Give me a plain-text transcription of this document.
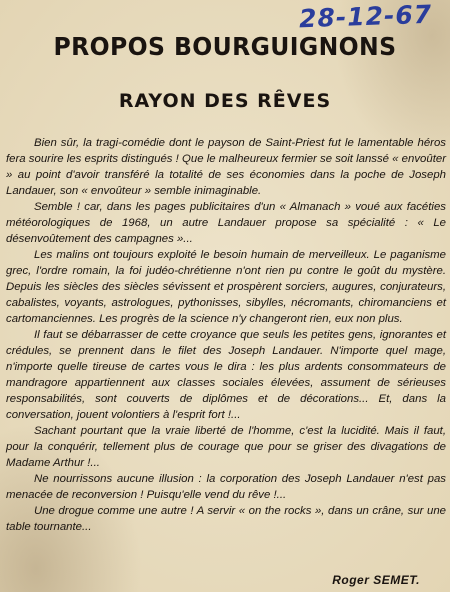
28-12-67
PROPOS BOURGUIGNONS
RAYON DES RÊVES

Bien sûr, la tragi-comédie dont le payson de Saint-Priest fut le lamentable héros fera sourire les esprits distingués ! Que le malheureux fermier se soit lanssé « envoûter » au point d'avoir transféré la totalité de ses économies dans la poche de Joseph Landauer, son « envoûteur » semble inimaginable.

Semble ! car, dans les pages publicitaires d'un « Almanach » voué aux facéties météorologiques de 1968, un autre Landauer propose sa spécialité : « Le désenvoûtement des campagnes »...

Les malins ont toujours exploité le besoin humain de merveilleux. Le paganisme grec, l'ordre romain, la foi judéo-chrétienne n'ont rien pu contre le goût du mystère. Depuis les siècles des siècles sévissent et prospèrent sorciers, augures, conjurateurs, cabalistes, voyants, astrologues, pythonisses, sibylles, nécromants, chiromanciens et cartomanciennes. Les progrès de la science n'y changeront rien, eux non plus.

Il faut se débarrasser de cette croyance que seuls les petites gens, ignorantes et crédules, se prennent dans le filet des Joseph Landauer. N'importe quel mage, n'importe quelle tireuse de cartes vous le dira : les plus ardents consommateurs de mandragore appartiennent aux classes sociales élevées, assument de sérieuses responsabilités, sont couverts de diplômes et de décorations... Et, dans la conversation, jouent volontiers à l'esprit fort !...

Sachant pourtant que la vraie liberté de l'homme, c'est la lucidité. Mais il faut, pour la conquérir, tellement plus de courage que pour se griser des divagations de Madame Arthur !...

Ne nourrissons aucune illusion : la corporation des Joseph Landauer n'est pas menacée de reconversion ! Puisqu'elle vend du rêve !...

Une drogue comme une autre ! A servir « on the rocks », dans un crâne, sur une table tournante...

Roger SEMET.
